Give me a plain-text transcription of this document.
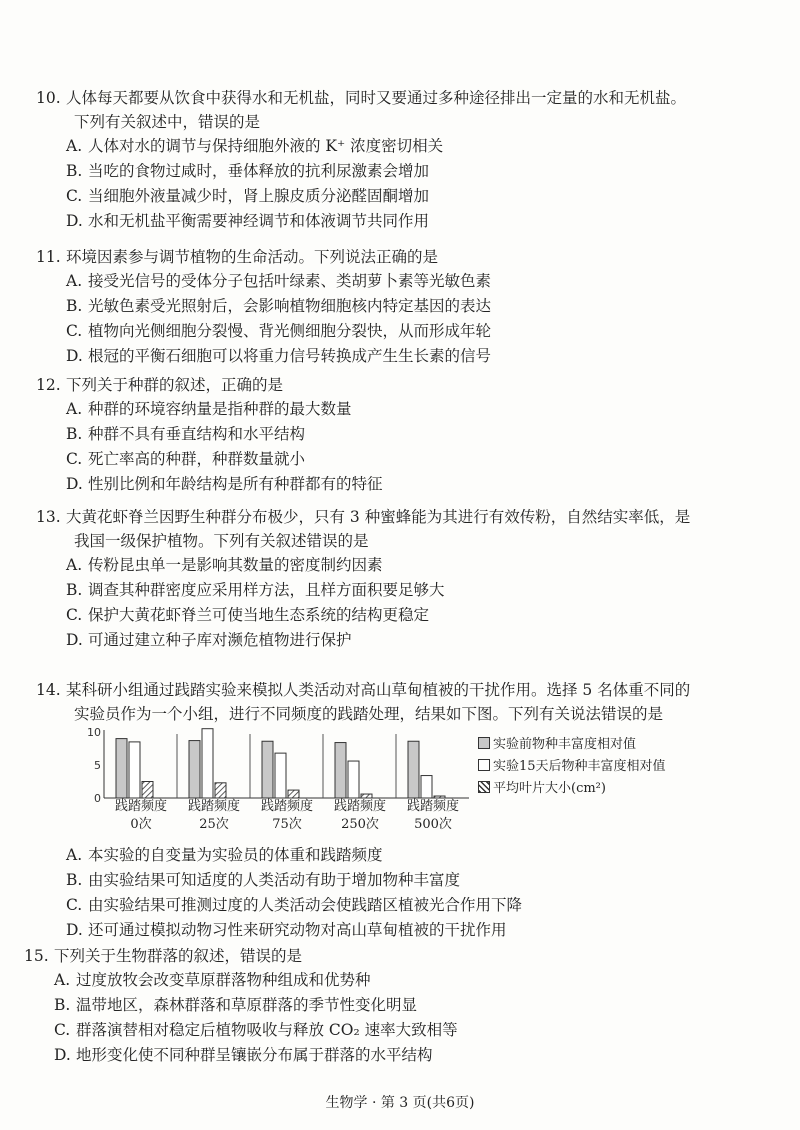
10. 人体每天都要从饮食中获得水和无机盐，同时又要通过多种途径排出一定量的水和无机盐。

下列有关叙述中，错误的是

A. 人体对水的调节与保持细胞外液的 K⁺ 浓度密切相关

B. 当吃的食物过咸时，垂体释放的抗利尿激素会增加

C. 当细胞外液量减少时，肾上腺皮质分泌醛固酮增加

D. 水和无机盐平衡需要神经调节和体液调节共同作用

11. 环境因素参与调节植物的生命活动。下列说法正确的是

A. 接受光信号的受体分子包括叶绿素、类胡萝卜素等光敏色素

B. 光敏色素受光照射后，会影响植物细胞核内特定基因的表达

C. 植物向光侧细胞分裂慢、背光侧细胞分裂快，从而形成年轮

D. 根冠的平衡石细胞可以将重力信号转换成产生生长素的信号

12. 下列关于种群的叙述，正确的是

A. 种群的环境容纳量是指种群的最大数量

B. 种群不具有垂直结构和水平结构

C. 死亡率高的种群，种群数量就小

D. 性别比例和年龄结构是所有种群都有的特征

13. 大黄花虾脊兰因野生种群分布极少，只有 3 种蜜蜂能为其进行有效传粉，自然结实率低，是

我国一级保护植物。下列有关叙述错误的是

A. 传粉昆虫单一是影响其数量的密度制约因素

B. 调查其种群密度应采用样方法，且样方面积要足够大

C. 保护大黄花虾脊兰可使当地生态系统的结构更稳定

D. 可通过建立种子库对濒危植物进行保护

14. 某科研小组通过践踏实验来模拟人类活动对高山草甸植被的干扰作用。选择 5 名体重不同的

实验员作为一个小组，进行不同频度的践踏处理，结果如下图。下列有关说法错误的是

0
5
10
践踏频度
0次
践踏频度
25次
践踏频度
75次
践踏频度
250次
践踏频度
500次
实验前物种丰富度相对值
实验15天后物种丰富度相对值
平均叶片大小(cm²)

A. 本实验的自变量为实验员的体重和践踏频度

B. 由实验结果可知适度的人类活动有助于增加物种丰富度

C. 由实验结果可推测过度的人类活动会使践踏区植被光合作用下降

D. 还可通过模拟动物习性来研究动物对高山草甸植被的干扰作用

15. 下列关于生物群落的叙述，错误的是

A. 过度放牧会改变草原群落物种组成和优势种

B. 温带地区，森林群落和草原群落的季节性变化明显

C. 群落演替相对稳定后植物吸收与释放 CO₂ 速率大致相等

D. 地形变化使不同种群呈镶嵌分布属于群落的水平结构

生物学 · 第 3 页(共6页)
